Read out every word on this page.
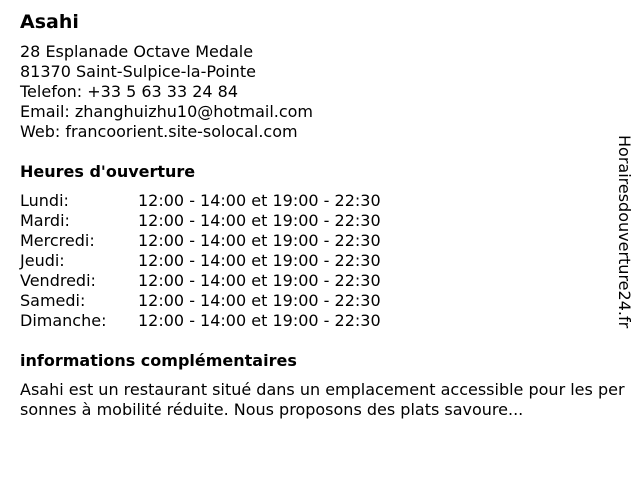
Asahi
28 Esplanade Octave Medale
81370 Saint-Sulpice-la-Pointe
Telefon: +33 5 63 33 24 84
Email: zhanghuizhu10@hotmail.com
Web: francoorient.site-solocal.com
Heures d'ouverture
Lundi:	12:00 - 14:00 et 19:00 - 22:30
Mardi:	12:00 - 14:00 et 19:00 - 22:30
Mercredi:	12:00 - 14:00 et 19:00 - 22:30
Jeudi:	12:00 - 14:00 et 19:00 - 22:30
Vendredi:	12:00 - 14:00 et 19:00 - 22:30
Samedi:	12:00 - 14:00 et 19:00 - 22:30
Dimanche:	12:00 - 14:00 et 19:00 - 22:30
informations complémentaires
Asahi est un restaurant situé dans un emplacement accessible pour les personnes à mobilité réduite. Nous proposons des plats savoure...
Horairesdouverture24.fr
